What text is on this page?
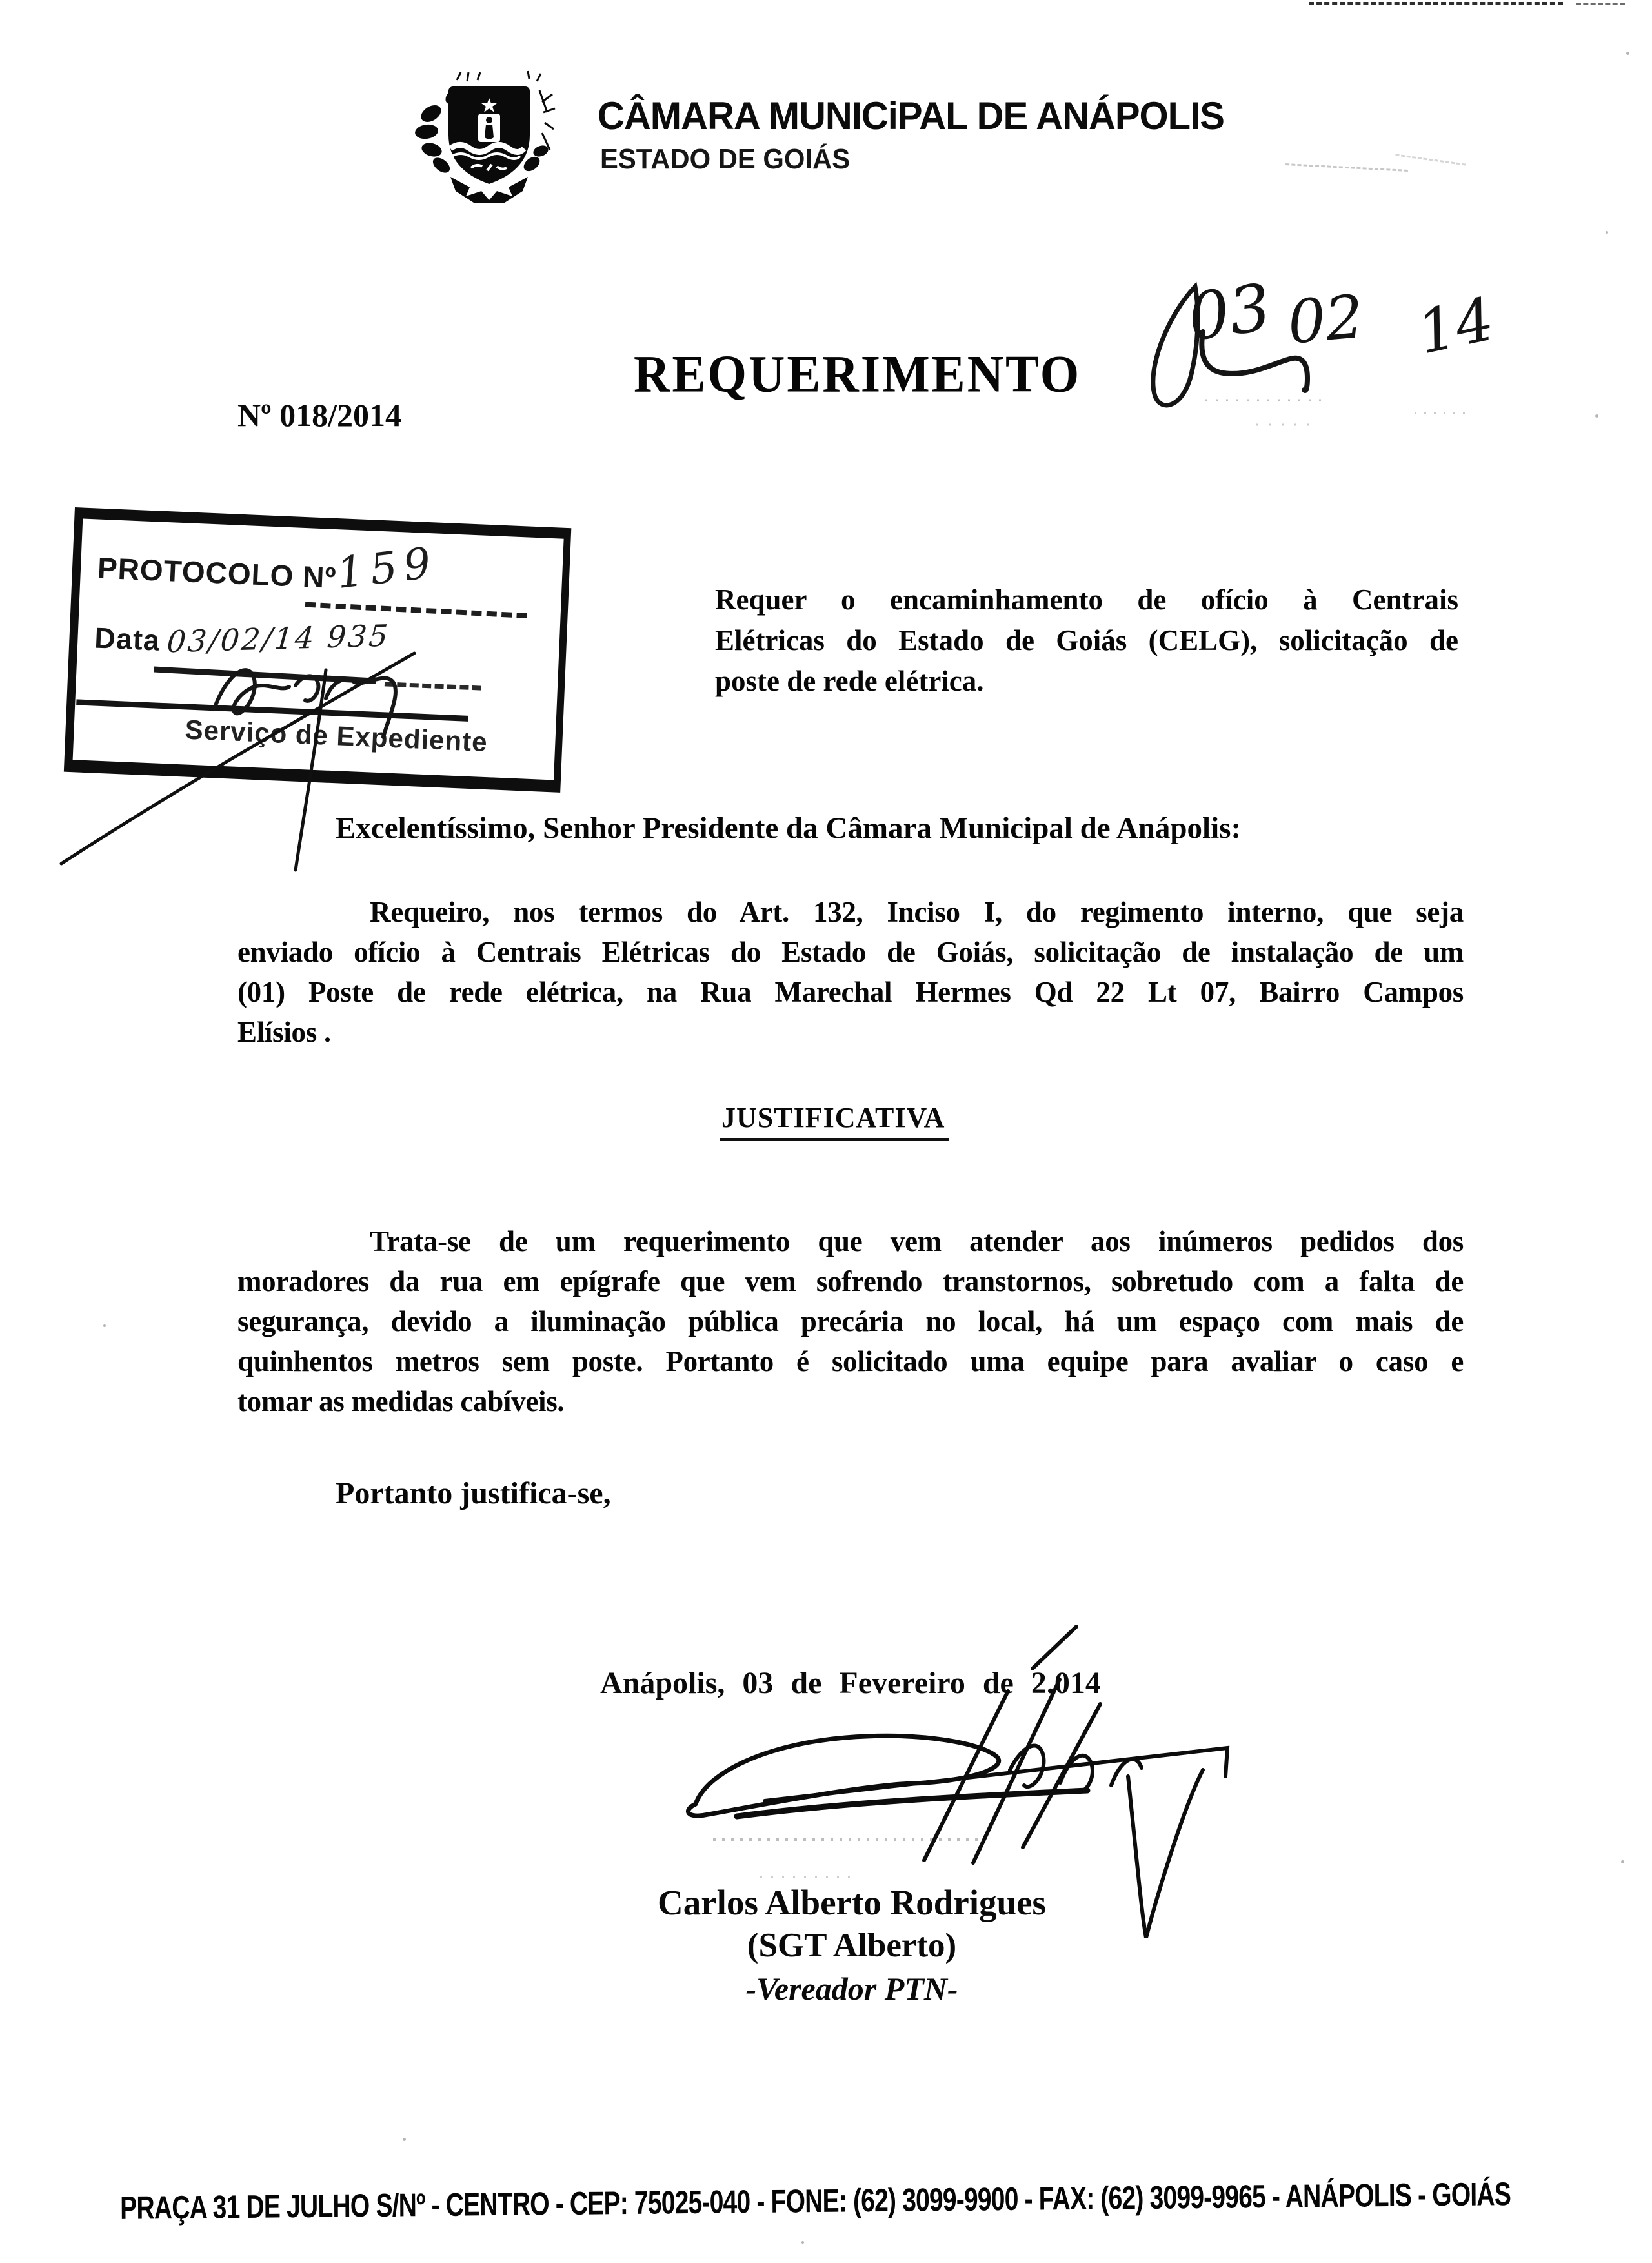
CÂMARA MUNICiPAL DE ANÁPOLIS
ESTADO DE GOIÁS
03 02 14
REQUERIMENTO
Nº 018/2014
PROTOCOLO Nº
159
Data 03/02/14 935
Serviço de Expediente
Requer o encaminhamento de ofício à Centrais
Elétricas do Estado de Goiás (CELG), solicitação de
poste de rede elétrica.
Excelentíssimo, Senhor Presidente da Câmara Municipal de Anápolis:
Requeiro, nos termos do Art. 132, Inciso I, do regimento interno, que seja
enviado ofício à Centrais Elétricas do Estado de Goiás, solicitação de instalação de um
(01) Poste de rede elétrica, na Rua Marechal Hermes Qd 22 Lt 07, Bairro Campos
Elísios .
JUSTIFICATIVA
Trata-se de um requerimento que vem atender aos inúmeros pedidos dos
moradores da rua em epígrafe que vem sofrendo transtornos, sobretudo com a falta de
segurança, devido a iluminação pública precária no local, há um espaço com mais de
quinhentos metros sem poste. Portanto é solicitado uma equipe para avaliar o caso e
tomar as medidas cabíveis.
Portanto justifica-se,
Anápolis, 03 de Fevereiro de 2.014
Carlos Alberto Rodrigues
(SGT Alberto)
-Vereador PTN-
PRAÇA 31 DE JULHO S/Nº - CENTRO - CEP: 75025-040 - FONE: (62) 3099-9900 - FAX: (62) 3099-9965 - ANÁPOLIS - GOIÁS
